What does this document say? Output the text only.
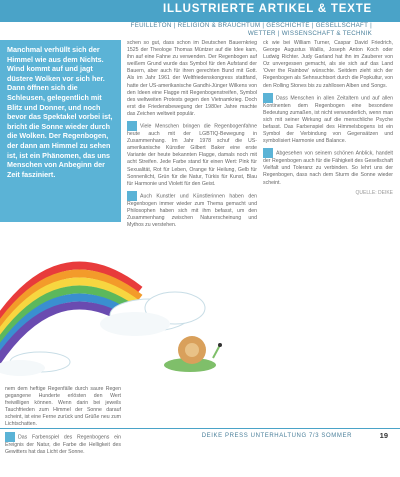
ILLUSTRIERTE ARTIKEL & TEXTE
FEUILLETON | RELIGION & BRAUCHTUM | GESCHICHTE | GESELLSCHAFT |
WETTER | WISSENSCHAFT & TECHNIK
Manchmal verhüllt sich der Himmel wie aus dem Nichts. Wind kommt auf und jagt düstere Wolken vor sich her. Dann öffnen sich die Schleusen, gelegentlich mit Blitz und Donner, und noch bevor das Spektakel vorbei ist, bricht die Sonne wieder durch die Wolken. Der Regenbogen, der dann am Himmel zu sehen ist, ist ein Phänomen, das uns Menschen von Anbeginn der Zeit fasziniert.

nem dem heftige Regenfälle durch saure Regen gegangene Hunderte erlösten den Wert freiwilligen können. Wenn darin bei jeweils Tauchfrieden zum Himmel der Sonne darauf scheint, ist eine Ferne zurück und Grüße neu zum Lichtschatten.

Das Farbenspiel des Regenbogens ein Ereignis der Natur, die Farbe die Helligkeit des Gewitters hat das Licht der Sonne.

schen so gut, dass schon im Deutschen Bauernkrieg 1525 der Theologe Thomas Müntzer auf die Idee kam, ihn auf eine Fahne zu verwenden. Der Regenbogen auf weißem Grund wurde das Symbol für den Aufstand der Bauern, aber auch für ihren gerechten Bund mit Gott. Als im Jahr 1961 der Weltfriedenskongress stattfand, hatte der US-amerikanische Gandhi-Jünger Wilkens von den Ideen eine Flagge mit Regenbogenstreifen, Symbol des weltweiten Protests gegen den Vietnamkrieg. Doch erst die Friedensbewegung der 1980er Jahre machte das Zeichen weltweit populär.

Viele Menschen bringen die Regenbogenfahne heute auch mit der LGBTIQ-Bewegung in Zusammenhang. Im Jahr 1978 schuf die US-amerikanische Künstler Gilbert Baker eine erste Variante der heute bekannten Flagge, damals noch mit acht Streifen. Jede Farbe stand für einen Wert: Pink für Sexualität, Rot für Leben, Orange für Heilung, Gelb für Sonnenlicht, Grün für die Natur, Türkis für Kunst, Blau für Harmonie und Violett für den Geist.

Auch Kunstler und Künstlerinnen haben den Regenbogen immer wieder zum Thema gemacht und Philosophen haben sich mit ihm befasst, um den Zusammenhang zwischen Naturerscheinung und Mythos zu verstehen.

ck wie bei William Turner, Caspar David Friedrich, George Augustus Wallis, Joseph Anton Koch oder Ludwig Richter. Judy Garland hat ihn im Zauberer von Oz unvergessen gemacht, als sie sich auf das Land 'Over the Rainbow' wünschte. Seitdem zieht sich der Regenbogen als Sehnsuchtsort durch die Popkultur, von den Rolling Stones bis zu zahllosen Alben und Songs.

Dass Menschen in allen Zeitaltern und auf allen Kontinenten dem Regenbogen eine besondere Bedeutung zumaßen, ist nicht verwunderlich, wenn man sich mit seiner Wirkung auf die menschliche Psyche befasst. Das Farbenspiel des Himmelsbogens ist ein Symbol der Verbindung von Gegensätzen und symbolisiert Harmonie und Balance.

Abgesehen von seinem schönen Anblick, handelt der Regenbogen auch für die Fähigkeit des Gesellschaft Vielfalt und Toleranz zu verbinden. So lehrt uns der Regenbogen, dass nach dem Sturm die Sonne wieder scheint.

QUELLE: DEIKE

DEIKE PRESS UNTERHALTUNG 7/3 SOMMER	19
